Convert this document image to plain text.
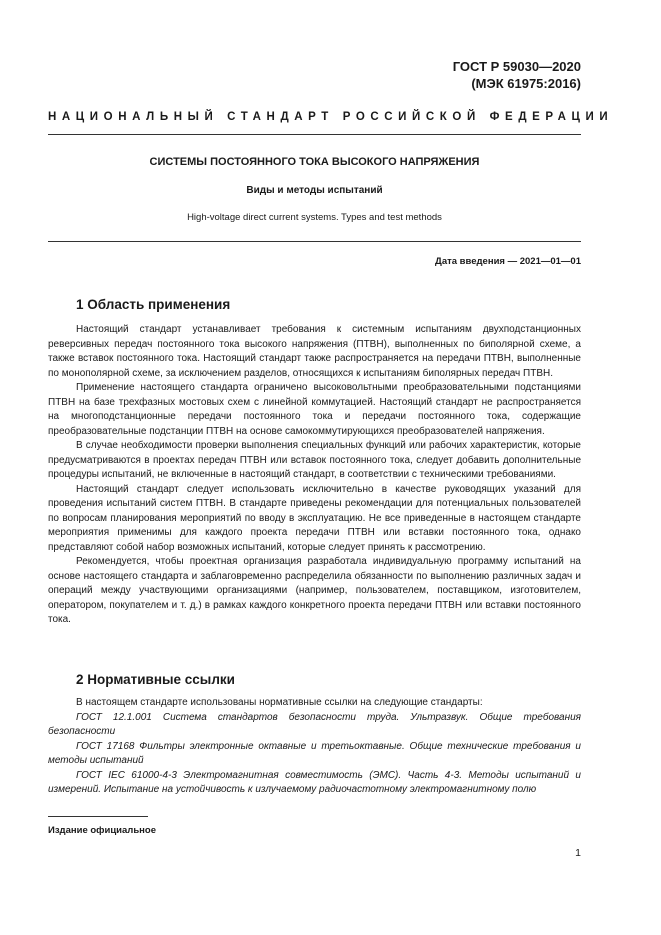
ГОСТ Р 59030—2020
(МЭК 61975:2016)
НАЦИОНАЛЬНЫЙ СТАНДАРТ РОССИЙСКОЙ ФЕДЕРАЦИИ
СИСТЕМЫ ПОСТОЯННОГО ТОКА ВЫСОКОГО НАПРЯЖЕНИЯ
Виды и методы испытаний
High-voltage direct current systems. Types and test methods
Дата введения — 2021—01—01
1 Область применения

Настоящий стандарт устанавливает требования к системным испытаниям двухподстанционных реверсивных передач постоянного тока высокого напряжения (ПТВН), выполненных по биполярной схеме, а также вставок постоянного тока. Настоящий стандарт также распространяется на передачи ПТВН, выполненные по монополярной схеме, за исключением разделов, относящихся к испытаниям биполярных передач ПТВН.

Применение настоящего стандарта ограничено высоковольтными преобразовательными подстанциями ПТВН на базе трехфазных мостовых схем с линейной коммутацией. Настоящий стандарт не распространяется на многоподстанционные передачи постоянного тока и передачи постоянного тока, содержащие преобразовательные подстанции ПТВН на основе самокоммутирующихся преобразователей напряжения.

В случае необходимости проверки выполнения специальных функций или рабочих характеристик, которые предусматриваются в проектах передач ПТВН или вставок постоянного тока, следует добавить дополнительные процедуры испытаний, не включенные в настоящий стандарт, в соответствии с техническими требованиями.

Настоящий стандарт следует использовать исключительно в качестве руководящих указаний для проведения испытаний систем ПТВН. В стандарте приведены рекомендации для потенциальных пользователей по вопросам планирования мероприятий по вводу в эксплуатацию. Не все приведенные в настоящем стандарте мероприятия применимы для каждого проекта передачи ПТВН или вставки постоянного тока, однако представляют собой набор возможных испытаний, которые следует принять к рассмотрению.

Рекомендуется, чтобы проектная организация разработала индивидуальную программу испытаний на основе настоящего стандарта и заблаговременно распределила обязанности по выполнению различных задач и операций между участвующими организациями (например, пользователем, поставщиком, изготовителем, оператором, покупателем и т. д.) в рамках каждого конкретного проекта передачи ПТВН или вставки постоянного тока.

2 Нормативные ссылки

В настоящем стандарте использованы нормативные ссылки на следующие стандарты:

ГОСТ 12.1.001 Система стандартов безопасности труда. Ультразвук. Общие требования безопасности

ГОСТ 17168 Фильтры электронные октавные и третьоктавные. Общие технические требования и методы испытаний

ГОСТ IEC 61000-4-3 Электромагнитная совместимость (ЭМС). Часть 4-3. Методы испытаний и измерений. Испытание на устойчивость к излучаемому радиочастотному электромагнитному полю

Издание официальное
1
